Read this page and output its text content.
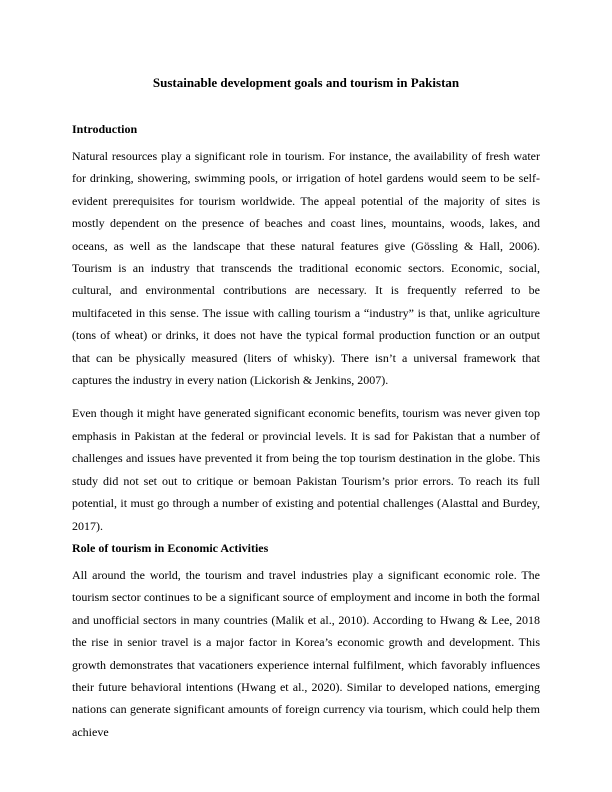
Sustainable development goals and tourism in Pakistan
Introduction

Natural resources play a significant role in tourism. For instance, the availability of fresh water for drinking, showering, swimming pools, or irrigation of hotel gardens would seem to be self-evident prerequisites for tourism worldwide. The appeal potential of the majority of sites is mostly dependent on the presence of beaches and coast lines, mountains, woods, lakes, and oceans, as well as the landscape that these natural features give (Gössling & Hall, 2006). Tourism is an industry that transcends the traditional economic sectors. Economic, social, cultural, and environmental contributions are necessary. It is frequently referred to be multifaceted in this sense. The issue with calling tourism a “industry” is that, unlike agriculture (tons of wheat) or drinks, it does not have the typical formal production function or an output that can be physically measured (liters of whisky). There isn’t a universal framework that captures the industry in every nation (Lickorish & Jenkins, 2007).

Even though it might have generated significant economic benefits, tourism was never given top emphasis in Pakistan at the federal or provincial levels. It is sad for Pakistan that a number of challenges and issues have prevented it from being the top tourism destination in the globe. This study did not set out to critique or bemoan Pakistan Tourism’s prior errors. To reach its full potential, it must go through a number of existing and potential challenges (Alasttal and Burdey, 2017).

Role of tourism in Economic Activities

All around the world, the tourism and travel industries play a significant economic role. The tourism sector continues to be a significant source of employment and income in both the formal and unofficial sectors in many countries (Malik et al., 2010). According to Hwang & Lee, 2018 the rise in senior travel is a major factor in Korea’s economic growth and development. This growth demonstrates that vacationers experience internal fulfilment, which favorably influences their future behavioral intentions (Hwang et al., 2020). Similar to developed nations, emerging nations can generate significant amounts of foreign currency via tourism, which could help them achieve
